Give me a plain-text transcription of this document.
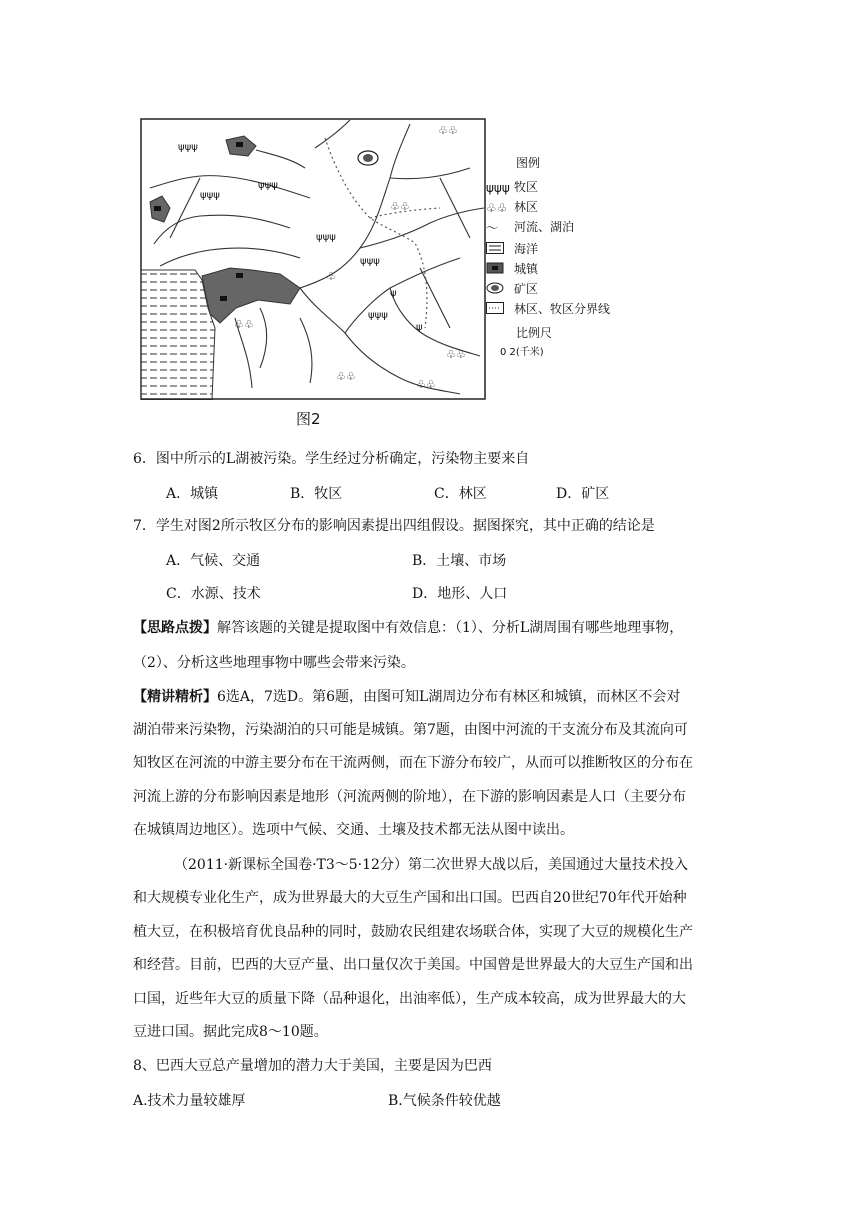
ψψψ
ψψψ
ψψψ
ψψψ
ψψψ
ψψψ
ψ
ψ
♧♧
♧♧
♧♧
♧
♧♧
♧♧
♧♧
图例
ψψψ 牧区
♧♧ 林区
〜 河流、湖泊
海洋
城镇
矿区
林区、牧区分界线
比例尺
0 2(千米)
图2
6．图中所示的L湖被污染。学生经过分析确定，污染物主要来自
A．城镇	B．牧区	C．林区	D．矿区
7．学生对图2所示牧区分布的影响因素提出四组假设。据图探究，其中正确的结论是
A．气候、交通	B．土壤、市场
C．水源、技术	D．地形、人口
【思路点拨】解答该题的关键是提取图中有效信息：（1）、分析L湖周围有哪些地理事物，
（2）、分析这些地理事物中哪些会带来污染。
【精讲精析】6选A，7选D。第6题，由图可知L湖周边分布有林区和城镇，而林区不会对
湖泊带来污染物，污染湖泊的只可能是城镇。第7题，由图中河流的干支流分布及其流向可
知牧区在河流的中游主要分布在干流两侧，而在下游分布较广，从而可以推断牧区的分布在
河流上游的分布影响因素是地形（河流两侧的阶地），在下游的影响因素是人口（主要分布
在城镇周边地区）。选项中气候、交通、土壤及技术都无法从图中读出。
（2011·新课标全国卷·T3～5·12分）第二次世界大战以后，美国通过大量技术投入
和大规模专业化生产，成为世界最大的大豆生产国和出口国。巴西自20世纪70年代开始种
植大豆，在积极培育优良品种的同时，鼓励农民组建农场联合体，实现了大豆的规模化生产
和经营。目前，巴西的大豆产量、出口量仅次于美国。中国曾是世界最大的大豆生产国和出
口国，近些年大豆的质量下降（品种退化，出油率低），生产成本较高，成为世界最大的大
豆进口国。据此完成8～10题。
8、巴西大豆总产量增加的潜力大于美国，主要是因为巴西
A.技术力量较雄厚	B.气候条件较优越
